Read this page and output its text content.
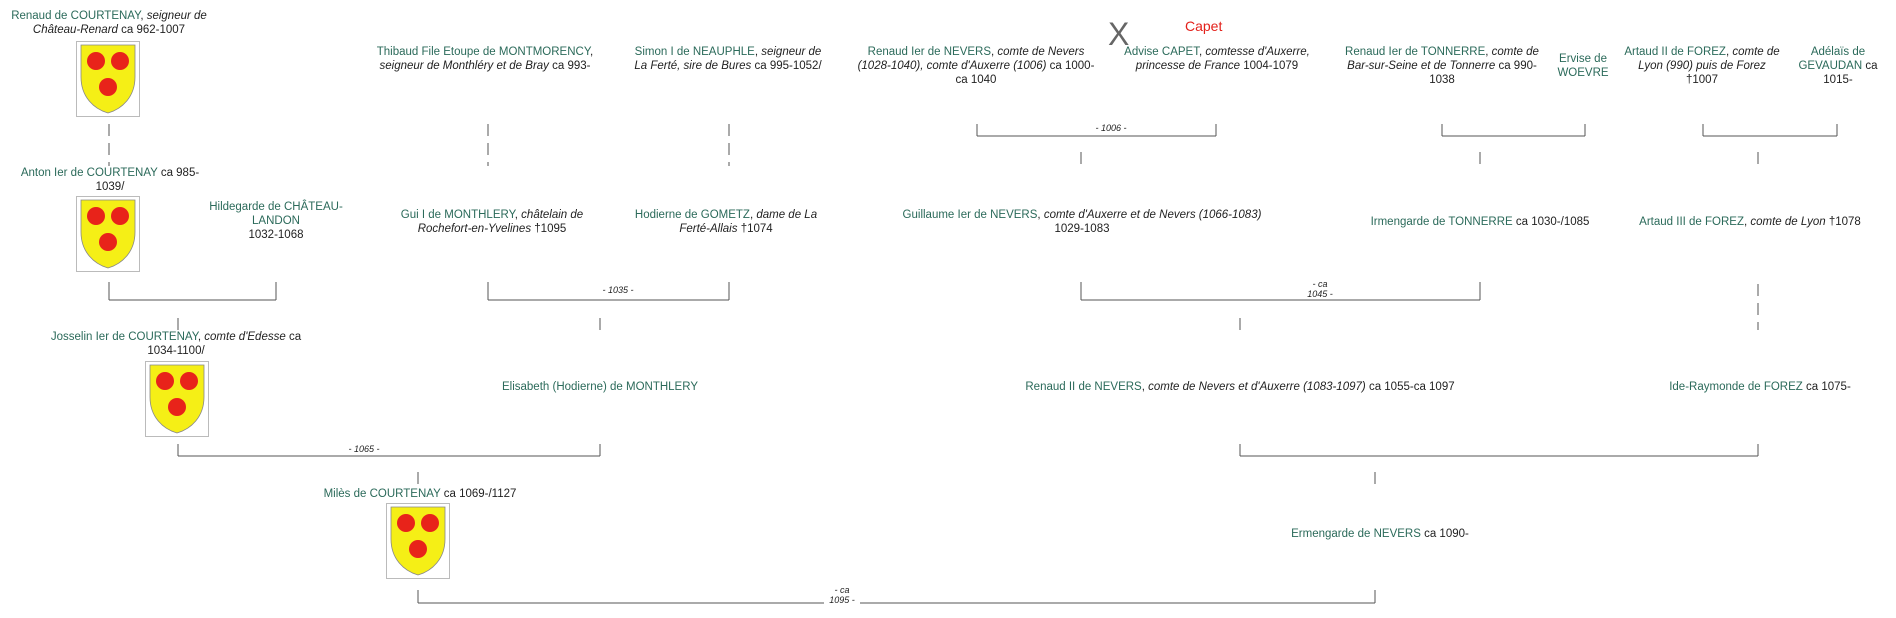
- 1006 -
- 1035 -
- ca
1045 -
- 1065 -
- ca
1095 -
X	Capet
Renaud de COURTENAY, seigneur de Château-Renard ca 962-1007
Thibaud File Etoupe de MONTMORENCY, seigneur de Monthléry et de Bray ca 993-
Simon I de NEAUPHLE, seigneur de La Ferté, sire de Bures ca 995-1052/
Renaud Ier de NEVERS, comte de Nevers (1028-1040), comte d'Auxerre (1006) ca 1000-ca 1040
Advise CAPET, comtesse d'Auxerre, princesse de France 1004-1079
Renaud Ier de TONNERRE, comte de Bar-sur-Seine et de Tonnerre ca 990-1038
Ervise de WOEVRE
Artaud II de FOREZ, comte de Lyon (990) puis de Forez †1007
Adélaïs de GEVAUDAN ca 1015-
Anton Ier de COURTENAY ca 985-1039/
Hildegarde de CHÂTEAU-LANDON
1032-1068
Gui I de MONTHLERY, châtelain de Rochefort-en-Yvelines †1095
Hodierne de GOMETZ, dame de La Ferté-Allais †1074
Guillaume Ier de NEVERS, comte d'Auxerre et de Nevers (1066-1083)
1029-1083
Irmengarde de TONNERRE ca 1030-/1085	Artaud III de FOREZ, comte de Lyon †1078
Josselin Ier de COURTENAY, comte d'Edesse ca 1034-1100/
Elisabeth (Hodierne) de MONTHLERY	Renaud II de NEVERS, comte de Nevers et d'Auxerre (1083-1097) ca 1055-ca 1097	Ide-Raymonde de FOREZ ca 1075-
Milès de COURTENAY ca 1069-/1127
Ermengarde de NEVERS ca 1090-
